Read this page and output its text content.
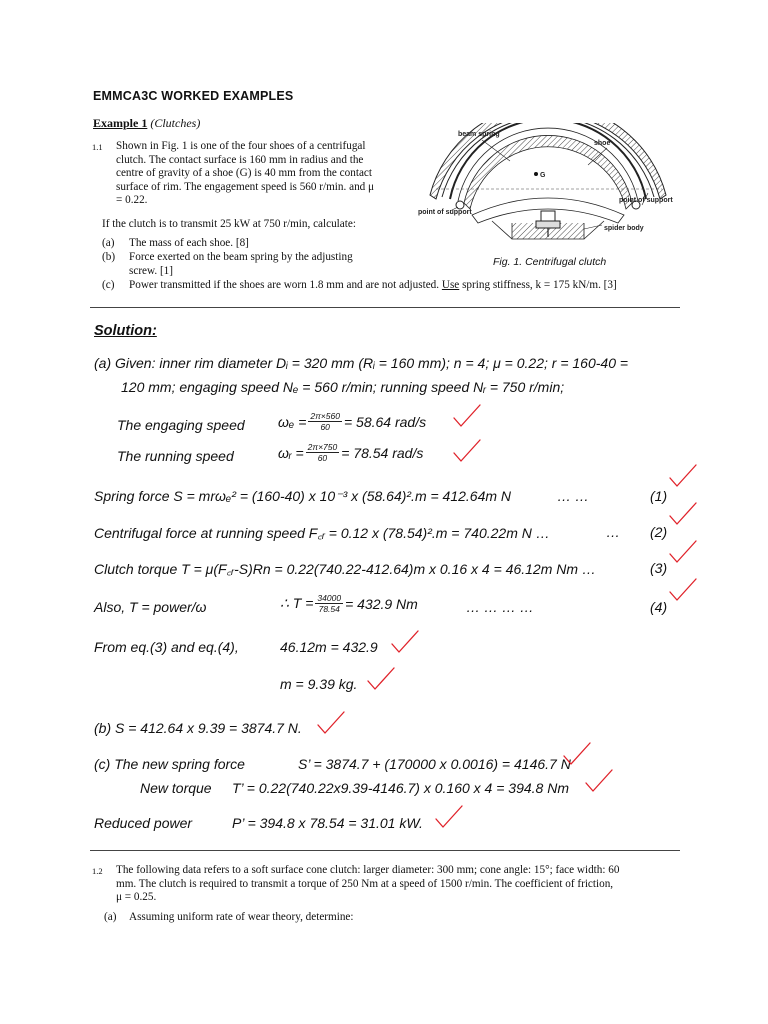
EMMCA3C WORKED EXAMPLES
Example 1 (Clutches)
1.1 Shown in Fig. 1 is one of the four shoes of a centrifugal
clutch. The contact surface is 160 mm in radius and the
centre of gravity of a shoe (G) is 40 mm from the contact
surface of rim. The engagement speed is 560 r/min. and μ
= 0.22.
If the clutch is to transmit 25 kW at 750 r/min, calculate:
(a) The mass of each shoe. [8]
(b) Force exerted on the beam spring by the adjusting
screw. [1]
(c) Power transmitted if the shoes are worn 1.8 mm and are not adjusted. Use spring stiffness, k = 175 kN/m. [3]
G
beam spring
shoe
point of support
point of support
spider body
Fig. 1. Centrifugal clutch
Solution:
(a) Given: inner rim diameter Dᵢ = 320 mm (Rᵢ = 160 mm); n = 4; μ = 0.22; r = 160-40 =
120 mm; engaging speed Nₑ = 560 r/min; running speed Nᵣ = 750 r/min;
The engaging speed $\omega_e = \frac{2\pi\times 560}{60} = 58.64$ rad/s
The running speed	ωᵣ = $\frac{2\pi\times 750}{60} = 78.54$ rad/s
Spring force S = mrωₑ² = (160-40) x 10⁻³ x (58.64)².m = 412.64m N	… …	(1)
Centrifugal force at running speed F꜀ᵣ = 0.12 x (78.54)².m = 740.22m N …	… (2)
Clutch torque T = μ(F꜀ᵣ-S)Rn = 0.22(740.22-412.64)m x 0.16 x 4 = 46.12m Nm …	(3)
Also, T = power/ω	∴ $T = \frac{34000}{78.54} = 432.9$ Nm	… … … …	(4)
From eq.(3) and eq.(4),	46.12m = 432.9
m = 9.39 kg.
(b) S = 412.64 x 9.39 = 3874.7 N.
(c) The new spring force	S’ = 3874.7 + (170000 x 0.0016) = 4146.7 N
New torque T’ = 0.22(740.22x9.39-4146.7) x 0.160 x 4 = 394.8 Nm
Reduced power	P’ = 394.8 x 78.54 = 31.01 kW.
1.2 The following data refers to a soft surface cone clutch: larger diameter: 300 mm; cone angle: 15°; face width: 60
mm. The clutch is required to transmit a torque of 250 Nm at a speed of 1500 r/min. The coefficient of friction,
μ = 0.25.
(a) Assuming uniform rate of wear theory, determine:
